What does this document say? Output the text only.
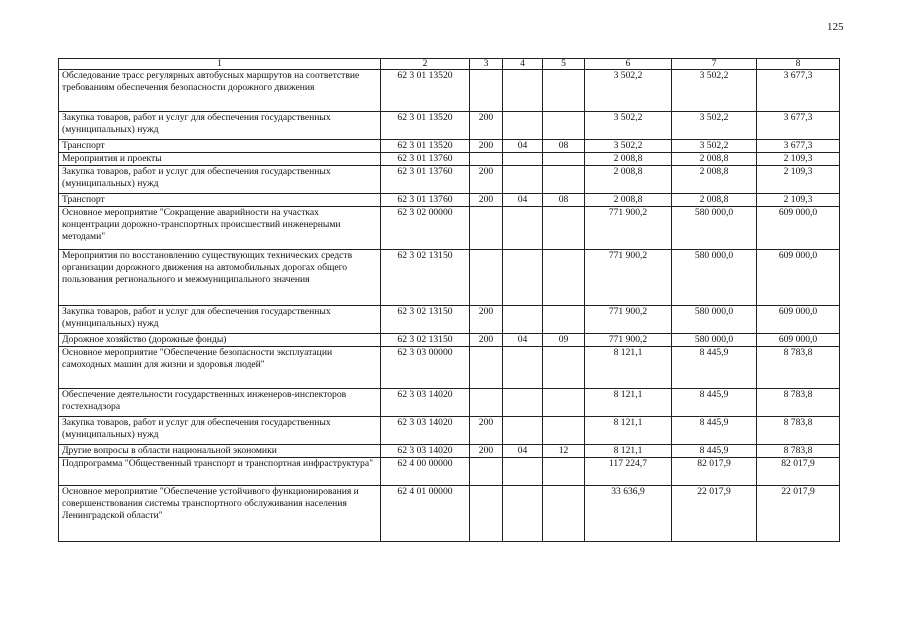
125
1	2	3	4	5	6	7	8
Обследование трасс регулярных автобусных маршрутов на соответствие требованиям обеспечения безопасности дорожного движения	62 3 01 13520				3 502,2	3 502,2	3 677,3
Закупка товаров, работ и услуг для обеспечения государственных (муниципальных) нужд	62 3 01 13520	200			3 502,2	3 502,2	3 677,3
Транспорт	62 3 01 13520	200	04	08	3 502,2	3 502,2	3 677,3
Мероприятия и проекты	62 3 01 13760				2 008,8	2 008,8	2 109,3
Закупка товаров, работ и услуг для обеспечения государственных (муниципальных) нужд	62 3 01 13760	200			2 008,8	2 008,8	2 109,3
Транспорт	62 3 01 13760	200	04	08	2 008,8	2 008,8	2 109,3
Основное мероприятие "Сокращение аварийности на участках концентрации дорожно-транспортных происшествий инженерными методами"	62 3 02 00000				771 900,2	580 000,0	609 000,0
Мероприятия по восстановлению существующих технических средств организации дорожного движения на автомобильных дорогах общего пользования регионального и межмуниципального значения	62 3 02 13150				771 900,2	580 000,0	609 000,0
Закупка товаров, работ и услуг для обеспечения государственных (муниципальных) нужд	62 3 02 13150	200			771 900,2	580 000,0	609 000,0
Дорожное хозяйство (дорожные фонды)	62 3 02 13150	200	04	09	771 900,2	580 000,0	609 000,0
Основное мероприятие "Обеспечение безопасности эксплуатации самоходных машин для жизни и здоровья людей"	62 3 03 00000				8 121,1	8 445,9	8 783,8
Обеспечение деятельности государственных инженеров-инспекторов гостехнадзора	62 3 03 14020				8 121,1	8 445,9	8 783,8
Закупка товаров, работ и услуг для обеспечения государственных (муниципальных) нужд	62 3 03 14020	200			8 121,1	8 445,9	8 783,8
Другие вопросы в области национальной экономики	62 3 03 14020	200	04	12	8 121,1	8 445,9	8 783,8
Подпрограмма "Общественный транспорт и транспортная инфраструктура"	62 4 00 00000				117 224,7	82 017,9	82 017,9
Основное мероприятие "Обеспечение устойчивого функционирования и совершенствования системы транспортного обслуживания населения Ленинградской области"	62 4 01 00000				33 636,9	22 017,9	22 017,9
